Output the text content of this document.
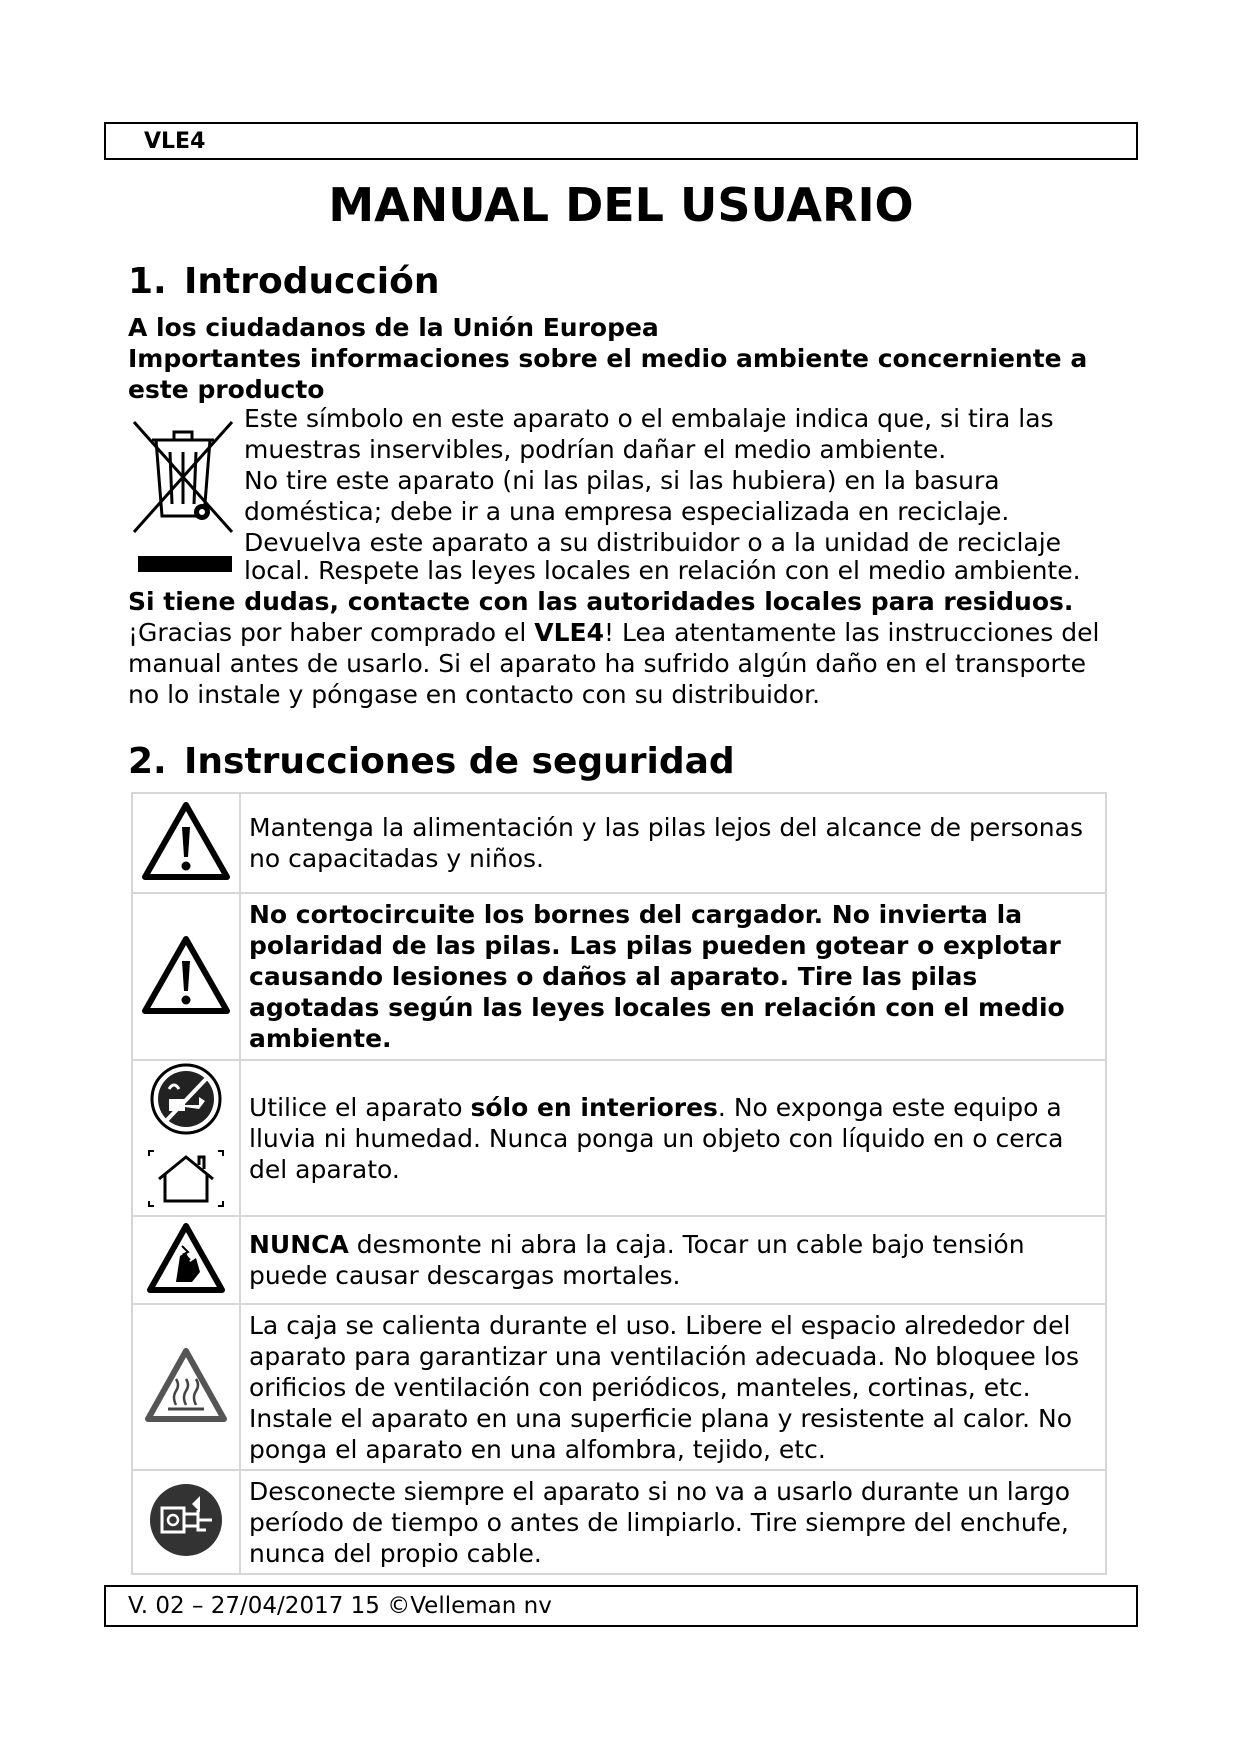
VLE4
MANUAL DEL USUARIO
1. Introducción
A los ciudadanos de la Unión Europea
Importantes informaciones sobre el medio ambiente concerniente a
este producto
Este símbolo en este aparato o el embalaje indica que, si tira las
muestras inservibles, podrían dañar el medio ambiente.
No tire este aparato (ni las pilas, si las hubiera) en la basura
doméstica; debe ir a una empresa especializada en reciclaje.
Devuelva este aparato a su distribuidor o a la unidad de reciclaje
local. Respete las leyes locales en relación con el medio ambiente.
Si tiene dudas, contacte con las autoridades locales para residuos.
¡Gracias por haber comprado el VLE4! Lea atentamente las instrucciones del
manual antes de usarlo. Si el aparato ha sufrido algún daño en el transporte
no lo instale y póngase en contacto con su distribuidor.
2. Instrucciones de seguridad

Mantenga la alimentación y las pilas lejos del alcance de personas
no capacitadas y niños.

No cortocircuite los bornes del cargador. No invierta la
polaridad de las pilas. Las pilas pueden gotear o explotar
causando lesiones o daños al aparato. Tire las pilas
agotadas según las leyes locales en relación con el medio
ambiente.

Utilice el aparato sólo en interiores. No exponga este equipo a
lluvia ni humedad. Nunca ponga un objeto con líquido en o cerca
del aparato.

NUNCA desmonte ni abra la caja. Tocar un cable bajo tensión
puede causar descargas mortales.

La caja se calienta durante el uso. Libere el espacio alrededor del
aparato para garantizar una ventilación adecuada. No bloquee los
orificios de ventilación con periódicos, manteles, cortinas, etc.
Instale el aparato en una superficie plana y resistente al calor. No
ponga el aparato en una alfombra, tejido, etc.

Desconecte siempre el aparato si no va a usarlo durante un largo
período de tiempo o antes de limpiarlo. Tire siempre del enchufe,
nunca del propio cable.
V. 02 – 27/04/2017 15 ©Velleman nv
